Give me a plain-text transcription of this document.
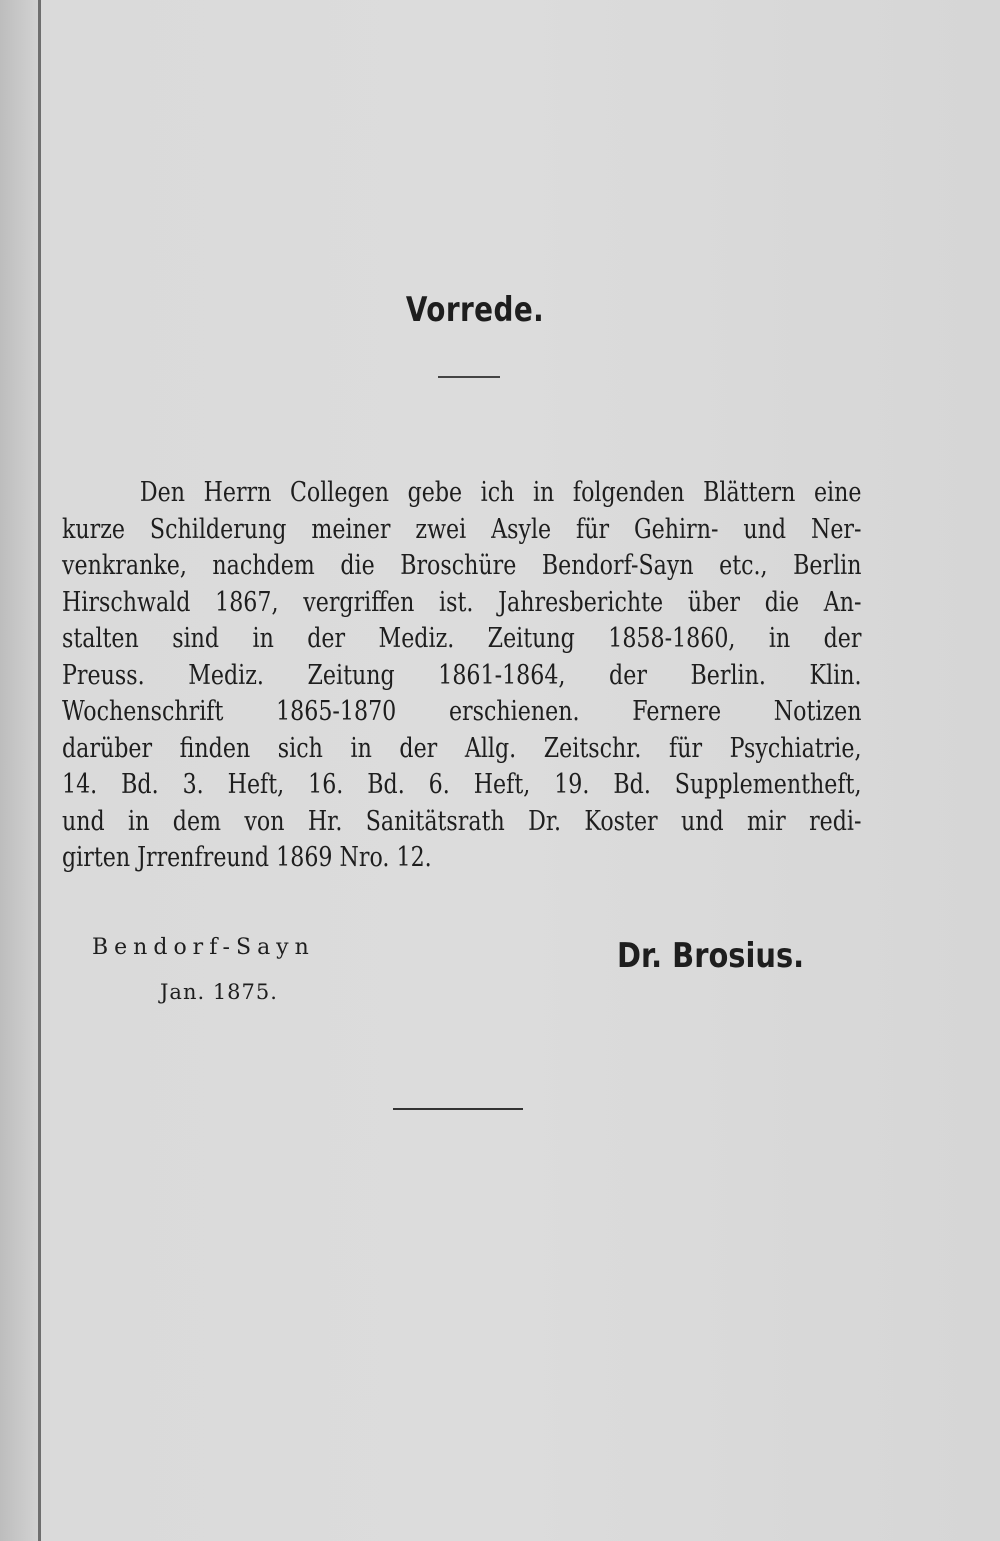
Vorrede.
Den Herrn Collegen gebe ich in folgenden Blättern eine
kurze Schilderung meiner zwei Asyle für Gehirn- und Ner-
venkranke, nachdem die Broschüre Bendorf-Sayn etc., Berlin
Hirschwald 1867, vergriffen ist. Jahresberichte über die An-
stalten sind in der Mediz. Zeitung 1858-1860, in der
Preuss. Mediz. Zeitung 1861-1864, der Berlin. Klin.
Wochenschrift 1865-1870 erschienen. Fernere Notizen
darüber finden sich in der Allg. Zeitschr. für Psychiatrie,
14. Bd. 3. Heft, 16. Bd. 6. Heft, 19. Bd. Supplementheft,
und in dem von Hr. Sanitätsrath Dr. Koster und mir redi-
girten Jrrenfreund 1869 Nro. 12.
Bendorf-Sayn
Jan. 1875.
Dr. Brosius.
